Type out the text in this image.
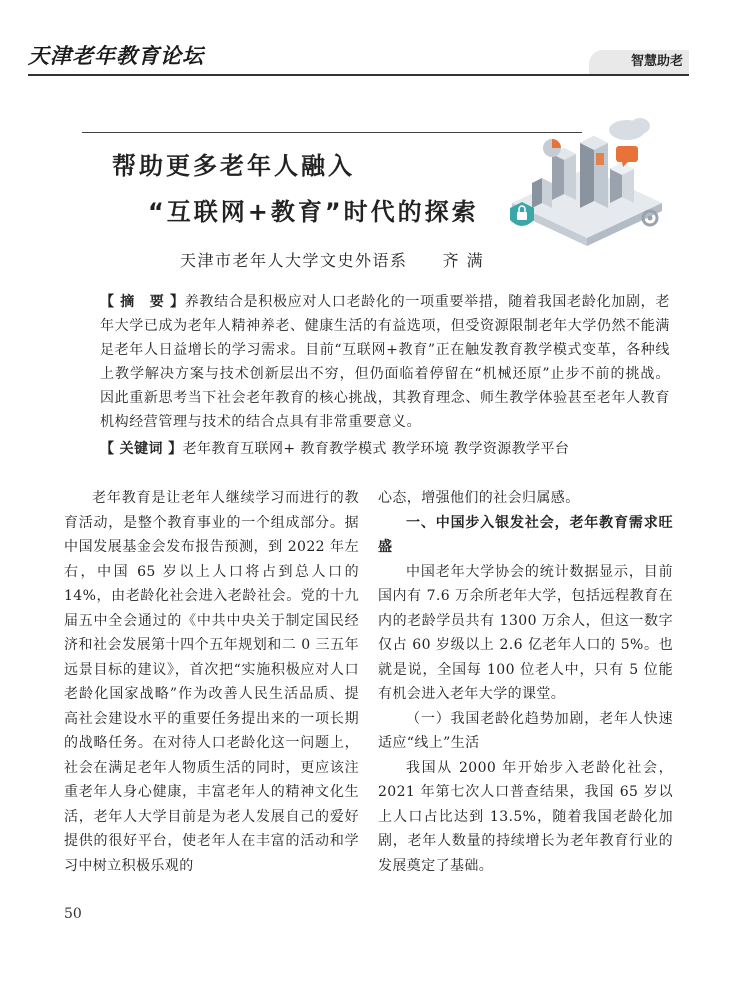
天津老年教育论坛	智慧助老
帮助更多老年人融入
“互联网+教育”时代的探索
天津市老年人大学文史外语系　　齐 满
【 摘　要 】养教结合是积极应对人口老龄化的一项重要举措，随着我国老龄化加剧，老年大学已成为老年人精神养老、健康生活的有益选项，但受资源限制老年大学仍然不能满足老年人日益增长的学习需求。目前“互联网+教育”正在触发教育教学模式变革，各种线上教学解决方案与技术创新层出不穷，但仍面临着停留在“机械还原”止步不前的挑战。因此重新思考当下社会老年教育的核心挑战，其教育理念、师生教学体验甚至老年人教育机构经营管理与技术的结合点具有非常重要意义。
【 关键词 】老年教育互联网+ 教育教学模式 教学环境 教学资源教学平台

老年教育是让老年人继续学习而进行的教育活动，是整个教育事业的一个组成部分。据中国发展基金会发布报告预测，到 2022 年左右，中国 65 岁以上人口将占到总人口的 14%，由老龄化社会进入老龄社会。党的十九届五中全会通过的《中共中央关于制定国民经济和社会发展第十四个五年规划和二 0 三五年远景目标的建议》，首次把“实施积极应对人口老龄化国家战略”作为改善人民生活品质、提高社会建设水平的重要任务提出来的一项长期的战略任务。在对待人口老龄化这一问题上，社会在满足老年人物质生活的同时，更应该注重老年人身心健康，丰富老年人的精神文化生活，老年人大学目前是为老人发展自己的爱好提供的很好平台，使老年人在丰富的活动和学习中树立积极乐观的

心态，增强他们的社会归属感。

一、中国步入银发社会，老年教育需求旺盛

中国老年大学协会的统计数据显示，目前国内有 7.6 万余所老年大学，包括远程教育在内的老龄学员共有 1300 万余人，但这一数字仅占 60 岁级以上 2.6 亿老年人口的 5%。也就是说，全国每 100 位老人中，只有 5 位能有机会进入老年大学的课堂。

（一）我国老龄化趋势加剧，老年人快速适应“线上”生活

我国从 2000 年开始步入老龄化社会，2021 年第七次人口普查结果，我国 65 岁以上人口占比达到 13.5%，随着我国老龄化加剧，老年人数量的持续增长为老年教育行业的发展奠定了基础。

50
